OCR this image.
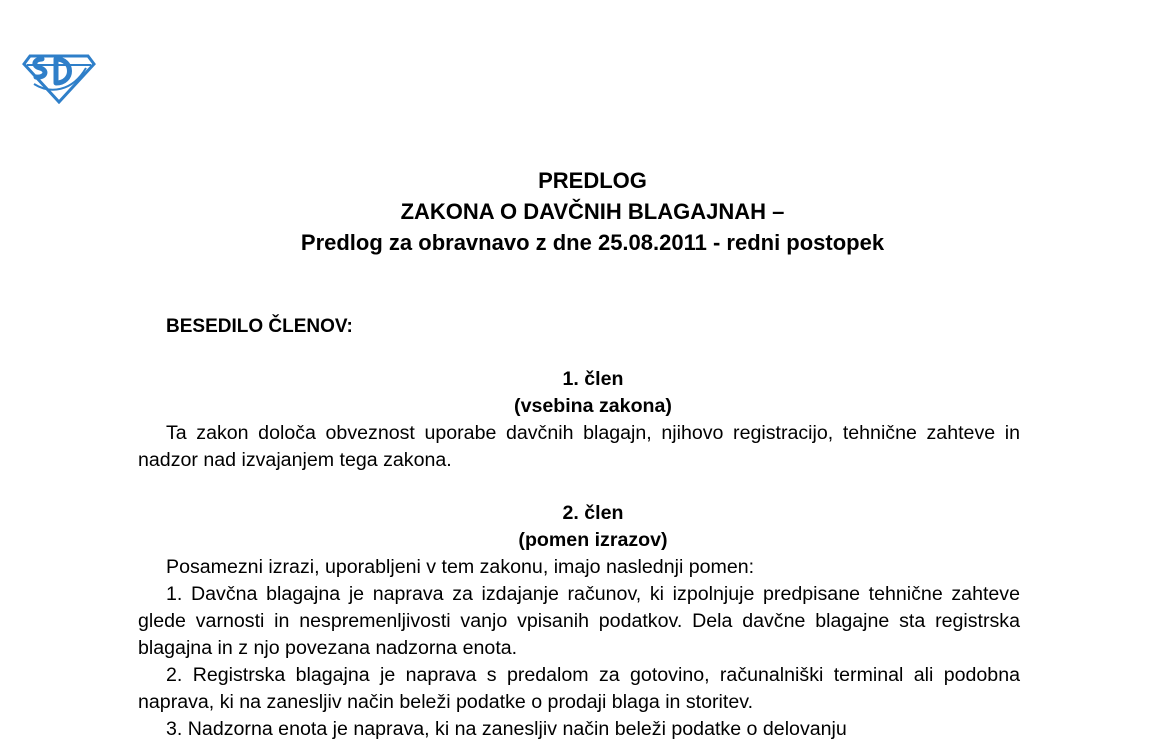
PREDLOG
ZAKONA O DAVČNIH BLAGAJNAH –
Predlog za obravnavo z dne 25.08.2011 - redni postopek
BESEDILO ČLENOV:

1. člen

(vsebina zakona)

Ta zakon določa obveznost uporabe davčnih blagajn, njihovo registracijo, tehnične zahteve in nadzor nad izvajanjem tega zakona.

2. člen

(pomen izrazov)

Posamezni izrazi, uporabljeni v tem zakonu, imajo naslednji pomen:

1. Davčna blagajna je naprava za izdajanje računov, ki izpolnjuje predpisane tehnične zahteve glede varnosti in nespremenljivosti vanjo vpisanih podatkov. Dela davčne blagajne sta registrska blagajna in z njo povezana nadzorna enota.

2. Registrska blagajna je naprava s predalom za gotovino, računalniški terminal ali podobna naprava, ki na zanesljiv način beleži podatke o prodaji blaga in storitev.

3. Nadzorna enota je naprava, ki na zanesljiv način beleži podatke o delovanju
